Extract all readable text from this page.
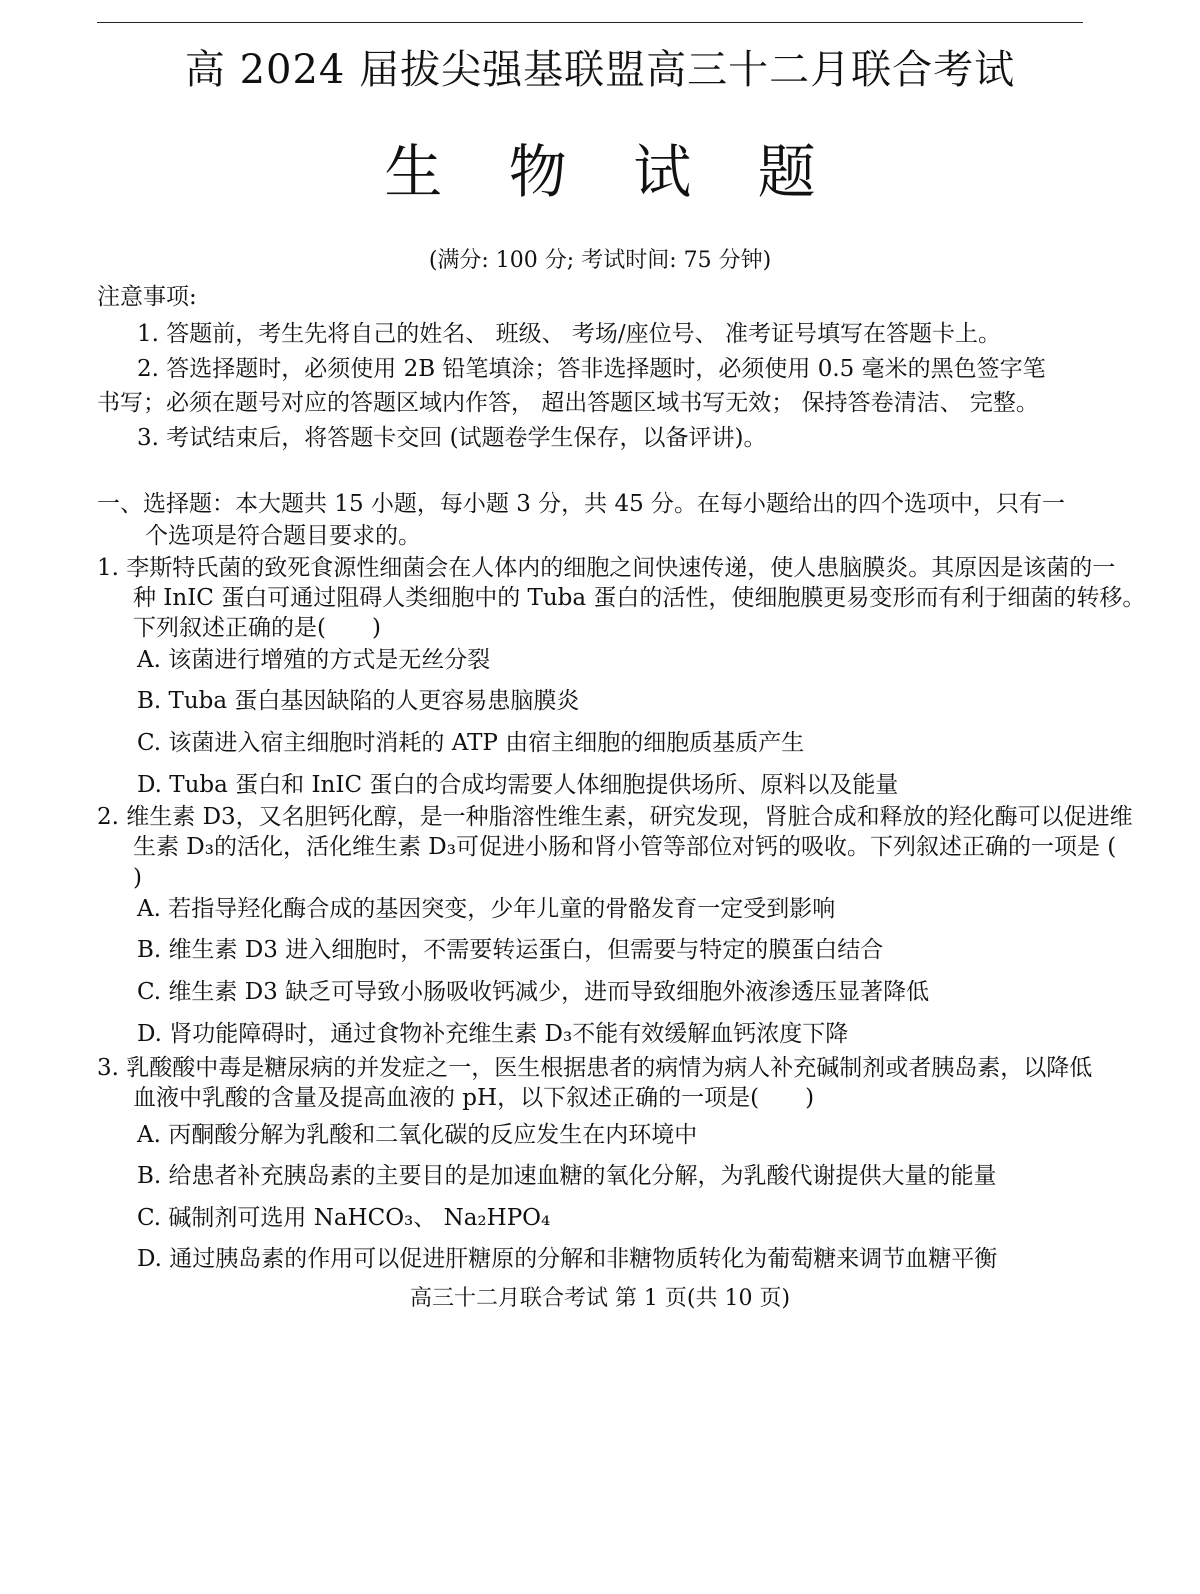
高 2024 届拔尖强基联盟高三十二月联合考试
生 物 试 题
(满分: 100 分; 考试时间: 75 分钟)
注意事项:
1. 答题前，考生先将自己的姓名、 班级、 考场/座位号、 准考证号填写在答题卡上。
2. 答选择题时，必须使用 2B 铅笔填涂；答非选择题时，必须使用 0.5 毫米的黑色签字笔
书写；必须在题号对应的答题区域内作答， 超出答题区域书写无效； 保持答卷清洁、 完整。
3. 考试结束后，将答题卡交回 (试题卷学生保存，以备评讲)。
一、选择题：本大题共 15 小题，每小题 3 分，共 45 分。在每小题给出的四个选项中，只有一
个选项是符合题目要求的。
1. 李斯特氏菌的致死食源性细菌会在人体内的细胞之间快速传递，使人患脑膜炎。其原因是该菌的一
种 InIC 蛋白可通过阻碍人类细胞中的 Tuba 蛋白的活性，使细胞膜更易变形而有利于细菌的转移。
下列叙述正确的是(　　)
A. 该菌进行增殖的方式是无丝分裂
B. Tuba 蛋白基因缺陷的人更容易患脑膜炎
C. 该菌进入宿主细胞时消耗的 ATP 由宿主细胞的细胞质基质产生
D. Tuba 蛋白和 InIC 蛋白的合成均需要人体细胞提供场所、原料以及能量
2. 维生素 D3，又名胆钙化醇，是一种脂溶性维生素，研究发现，肾脏合成和释放的羟化酶可以促进维
生素 D₃的活化，活化维生素 D₃可促进小肠和肾小管等部位对钙的吸收。下列叙述正确的一项是 (
)
A. 若指导羟化酶合成的基因突变，少年儿童的骨骼发育一定受到影响
B. 维生素 D3 进入细胞时，不需要转运蛋白，但需要与特定的膜蛋白结合
C. 维生素 D3 缺乏可导致小肠吸收钙减少，进而导致细胞外液渗透压显著降低
D. 肾功能障碍时，通过食物补充维生素 D₃不能有效缓解血钙浓度下降
3. 乳酸酸中毒是糖尿病的并发症之一，医生根据患者的病情为病人补充碱制剂或者胰岛素，以降低
血液中乳酸的含量及提高血液的 pH，以下叙述正确的一项是(　　)
A. 丙酮酸分解为乳酸和二氧化碳的反应发生在内环境中
B. 给患者补充胰岛素的主要目的是加速血糖的氧化分解，为乳酸代谢提供大量的能量
C. 碱制剂可选用 NaHCO₃、 Na₂HPO₄
D. 通过胰岛素的作用可以促进肝糖原的分解和非糖物质转化为葡萄糖来调节血糖平衡
高三十二月联合考试 第 1 页(共 10 页)
